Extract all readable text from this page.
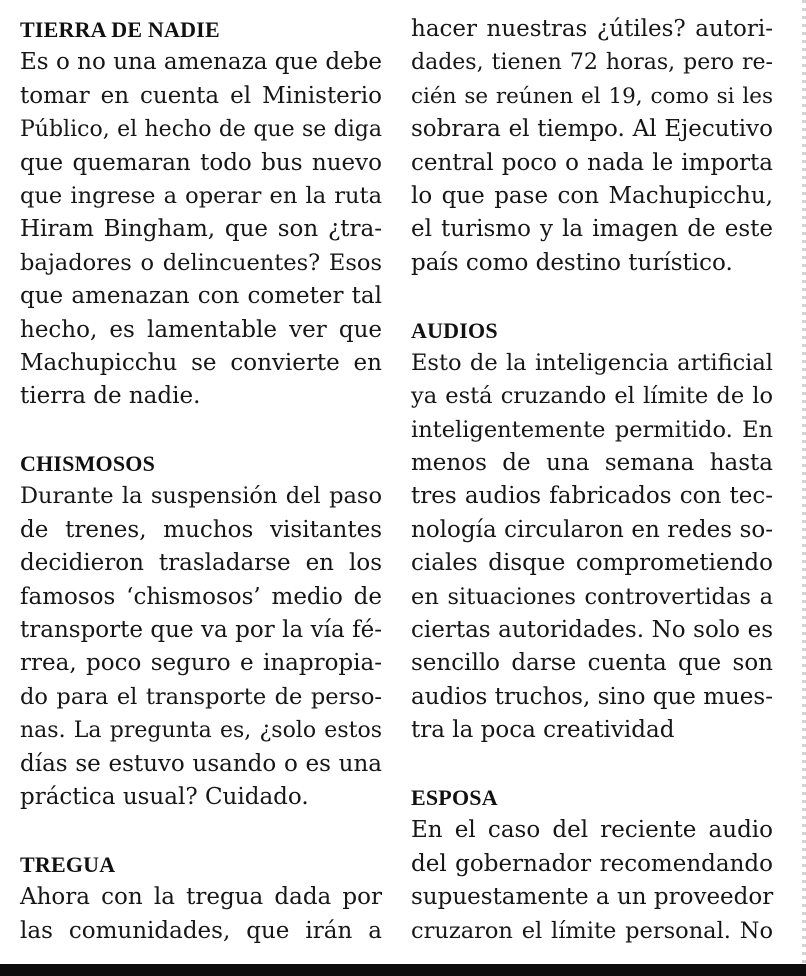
TIERRA DE NADIE
Es o no una amenaza que debe
tomar en cuenta el Ministerio
Público, el hecho de que se diga
que quemaran todo bus nuevo
que ingrese a operar en la ruta
Hiram Bingham, que son ¿tra-
bajadores o delincuentes? Esos
que amenazan con cometer tal
hecho, es lamentable ver que
Machupicchu se convierte en
tierra de nadie.
CHISMOSOS
Durante la suspensión del paso
de trenes, muchos visitantes
decidieron trasladarse en los
famosos ‘chismosos’ medio de
transporte que va por la vía fé-
rrea, poco seguro e inapropia-
do para el transporte de perso-
nas. La pregunta es, ¿solo estos
días se estuvo usando o es una
práctica usual? Cuidado.
TREGUA
Ahora con la tregua dada por
las comunidades, que irán a
hacer nuestras ¿útiles? autori-
dades, tienen 72 horas, pero re-
cién se reúnen el 19, como si les
sobrara el tiempo. Al Ejecutivo
central poco o nada le importa
lo que pase con Machupicchu,
el turismo y la imagen de este
país como destino turístico.
AUDIOS
Esto de la inteligencia artificial
ya está cruzando el límite de lo
inteligentemente permitido. En
menos de una semana hasta
tres audios fabricados con tec-
nología circularon en redes so-
ciales disque comprometiendo
en situaciones controvertidas a
ciertas autoridades. No solo es
sencillo darse cuenta que son
audios truchos, sino que mues-
tra la poca creatividad
ESPOSA
En el caso del reciente audio
del gobernador recomendando
supuestamente a un proveedor
cruzaron el límite personal. No
